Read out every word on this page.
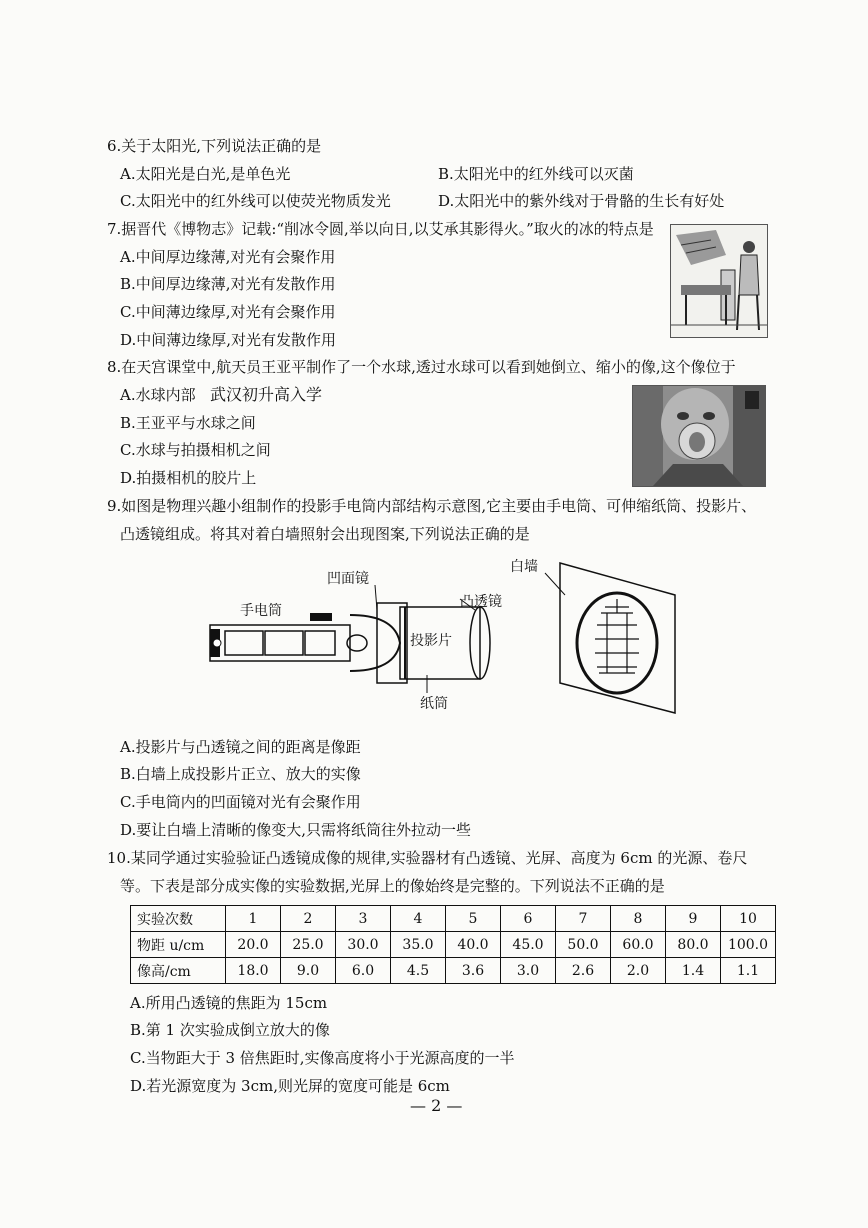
6.关于太阳光,下列说法正确的是
A.太阳光是白光,是单色光	B.太阳光中的红外线可以灭菌
C.太阳光中的红外线可以使荧光物质发光	D.太阳光中的紫外线对于骨骼的生长有好处
7.据晋代《博物志》记载:“削冰令圆,举以向日,以艾承其影得火。”取火的冰的特点是
A.中间厚边缘薄,对光有会聚作用
B.中间厚边缘薄,对光有发散作用
C.中间薄边缘厚,对光有会聚作用
D.中间薄边缘厚,对光有发散作用
8.在天宫课堂中,航天员王亚平制作了一个水球,透过水球可以看到她倒立、缩小的像,这个像位于
A.水球内部 武汉初升高入学
B.王亚平与水球之间
C.水球与拍摄相机之间
D.拍摄相机的胶片上
9.如图是物理兴趣小组制作的投影手电筒内部结构示意图,它主要由手电筒、可伸缩纸筒、投影片、
凸透镜组成。将其对着白墙照射会出现图案,下列说法正确的是
手电筒
凹面镜
凸透镜
投影片
纸筒
白墙
A.投影片与凸透镜之间的距离是像距
B.白墙上成投影片正立、放大的实像
C.手电筒内的凹面镜对光有会聚作用
D.要让白墙上清晰的像变大,只需将纸筒往外拉动一些
10.某同学通过实验验证凸透镜成像的规律,实验器材有凸透镜、光屏、高度为 6cm 的光源、卷尺
等。下表是部分成实像的实验数据,光屏上的像始终是完整的。下列说法不正确的是
实验次数	1	2	3	4	5	6	7	8	9	10
物距 u/cm	20.0	25.0	30.0	35.0	40.0	45.0	50.0	60.0	80.0	100.0
像高/cm	18.0	9.0	6.0	4.5	3.6	3.0	2.6	2.0	1.4	1.1
A.所用凸透镜的焦距为 15cm
B.第 1 次实验成倒立放大的像
C.当物距大于 3 倍焦距时,实像高度将小于光源高度的一半
D.若光源宽度为 3cm,则光屏的宽度可能是 6cm
— 2 —
